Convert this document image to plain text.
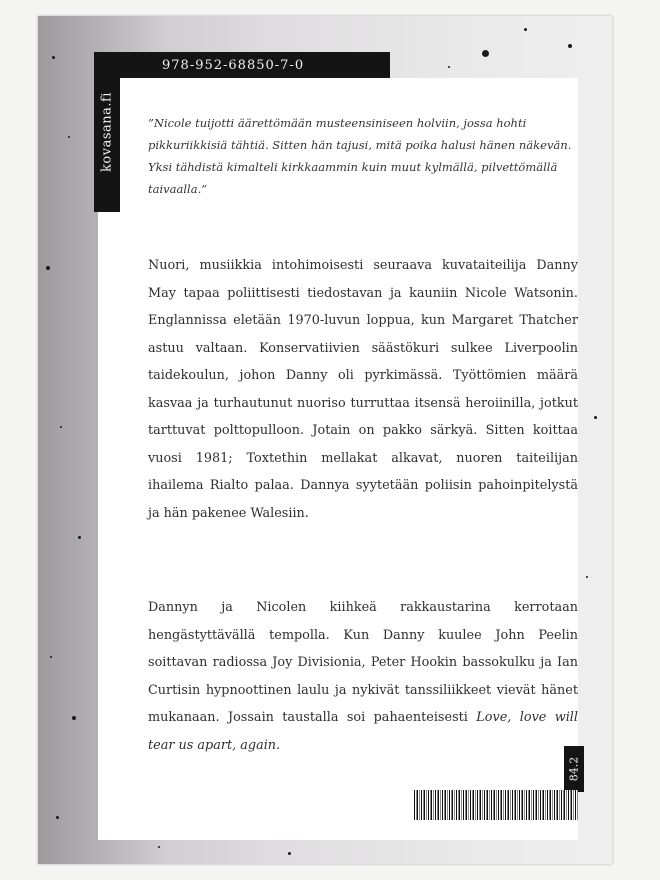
978-952-68850-7-0
kovasana.fi	”Nicole tuijotti äärettömään musteensiniseen holviin, jossa hohti pikkuriikkisiä tähtiä. Sitten hän tajusi, mitä poika halusi hänen näkevän. Yksi tähdistä kimalteli kirkkaammin kuin muut kylmällä, pilvettömällä taivaalla.”

Nuori, musiikkia intohimoisesti seuraava kuvataiteilija Danny May tapaa poliittisesti tiedostavan ja kauniin Nicole Watsonin. Englannissa eletään 1970-luvun loppua, kun Margaret Thatcher astuu valtaan. Konservatiivien säästökuri sulkee Liverpoolin taidekoulun, johon Danny oli pyrkimässä. Työttömien määrä kasvaa ja turhautunut nuoriso turruttaa itsensä heroiinilla, jotkut tarttuvat polttopulloon. Jotain on pakko särkyä. Sitten koittaa vuosi 1981; Toxtethin mellakat alkavat, nuoren taiteilijan ihailema Rialto palaa. Dannya syytetään poliisin pahoinpitelystä ja hän pakenee Walesiin.

Dannyn ja Nicolen kiihkeä rakkaustarina kerrotaan hengästyttävällä tempolla. Kun Danny kuulee John Peelin soittavan radiossa Joy Divisionia, Peter Hookin bassokulku ja Ian Curtisin hypnoottinen laulu ja nykivät tanssiliikkeet vievät hänet mukanaan. Jossain taustalla soi pahaenteisesti Love, love will tear us apart, again.

84.2
